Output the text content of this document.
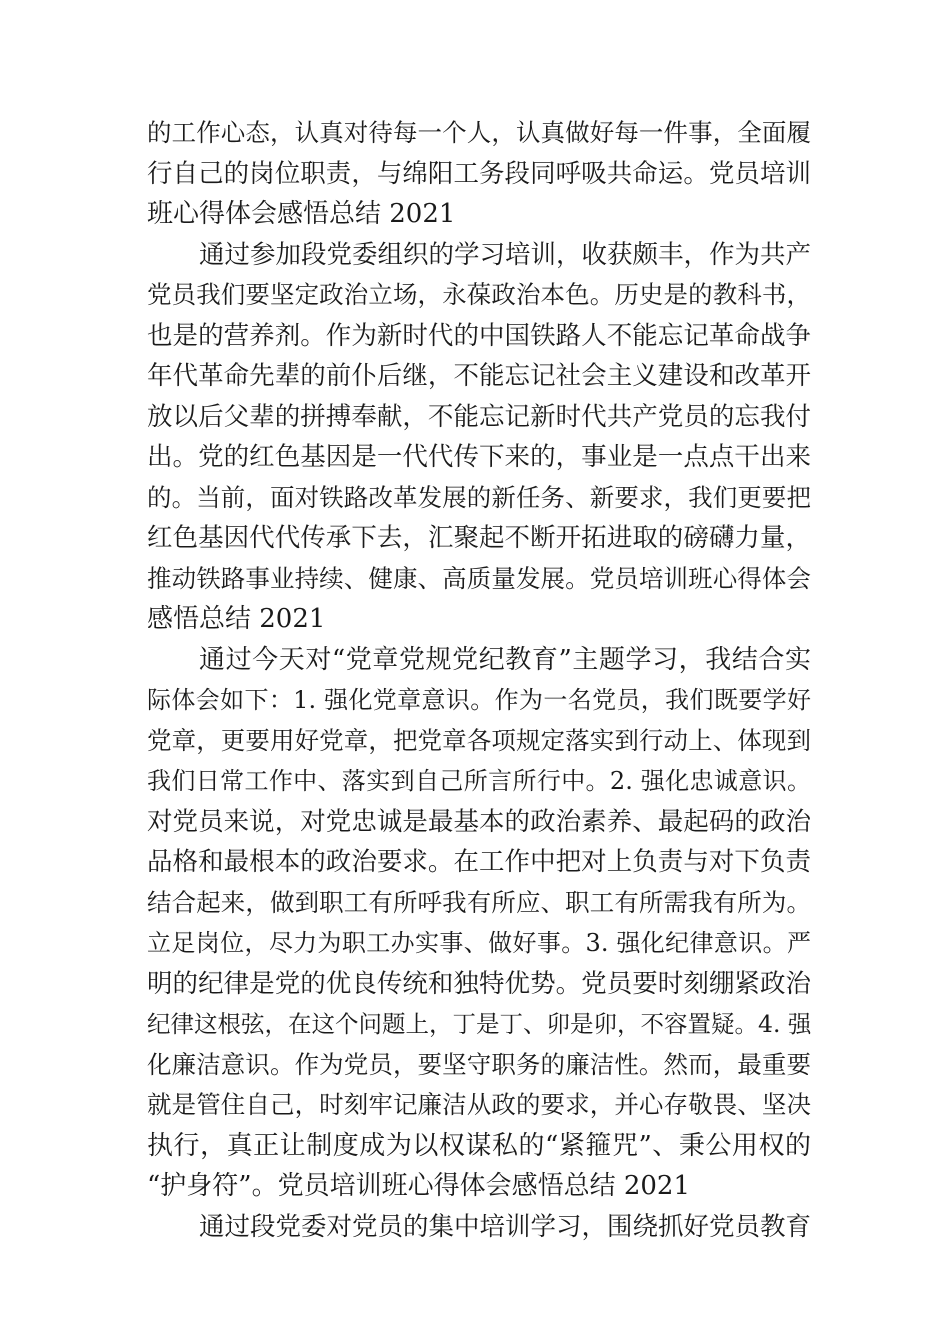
的工作心态，认真对待每一个人，认真做好每一件事，全面履
行自己的岗位职责，与绵阳工务段同呼吸共命运。党员培训
班心得体会感悟总结 2021
通过参加段党委组织的学习培训，收获颇丰，作为共产
党员我们要坚定政治立场，永葆政治本色。历史是的教科书，
也是的营养剂。作为新时代的中国铁路人不能忘记革命战争
年代革命先辈的前仆后继，不能忘记社会主义建设和改革开
放以后父辈的拼搏奉献，不能忘记新时代共产党员的忘我付
出。党的红色基因是一代代传下来的，事业是一点点干出来
的。当前，面对铁路改革发展的新任务、新要求，我们更要把
红色基因代代传承下去，汇聚起不断开拓进取的磅礴力量，
推动铁路事业持续、健康、高质量发展。党员培训班心得体会
感悟总结 2021
通过今天对“党章党规党纪教育”主题学习，我结合实
际体会如下：1. 强化党章意识。作为一名党员，我们既要学好
党章，更要用好党章，把党章各项规定落实到行动上、体现到
我们日常工作中、落实到自己所言所行中。2. 强化忠诚意识。
对党员来说，对党忠诚是最基本的政治素养、最起码的政治
品格和最根本的政治要求。在工作中把对上负责与对下负责
结合起来，做到职工有所呼我有所应、职工有所需我有所为。
立足岗位，尽力为职工办实事、做好事。3. 强化纪律意识。严
明的纪律是党的优良传统和独特优势。党员要时刻绷紧政治
纪律这根弦，在这个问题上，丁是丁、卯是卯，不容置疑。4. 强
化廉洁意识。作为党员，要坚守职务的廉洁性。然而，最重要
就是管住自己，时刻牢记廉洁从政的要求，并心存敬畏、坚决
执行，真正让制度成为以权谋私的“紧箍咒”、秉公用权的
“护身符”。党员培训班心得体会感悟总结 2021
通过段党委对党员的集中培训学习，围绕抓好党员教育
